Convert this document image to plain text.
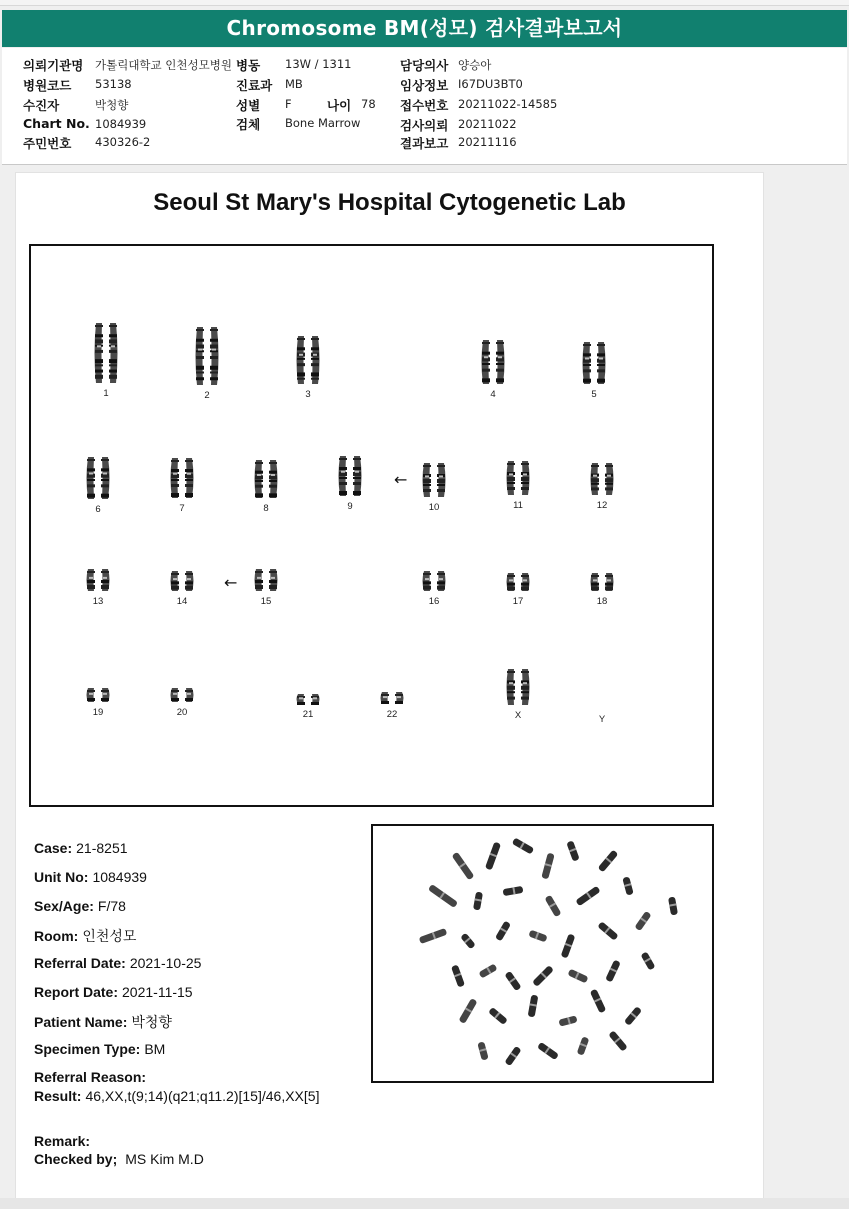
Chromosome BM(성모) 검사결과보고서
의뢰기관명 가톨릭대학교 인천성모병원 병동 13W / 1311	담당의사 양승아
병원코드 53138	진료과 MB	임상정보 I67DU3BT0
수진자	박청향	성별 F	나이 78 접수번호 20211022-14585
Chart No. 1084939	검체 Bone Marrow	검사의뢰 20211022
주민번호 430326-2	결과보고 20211116
Seoul St Mary's Hospital Cytogenetic Lab
1	2	3	4	5
6	7	8	9	10	11	12
13	14	15	16	17	18
19	20	21	22	X	Y
←
←
Case: 21-8251
Unit No: 1084939
Sex/Age: F/78
Room: 인천성모
Referral Date: 2021-10-25
Report Date: 2021-11-15
Patient Name: 박청향
Specimen Type: BM
Referral Reason:
Result: 46,XX,t(9;14)(q21;q11.2)[15]/46,XX[5]
Remark:
Checked by; MS Kim M.D
